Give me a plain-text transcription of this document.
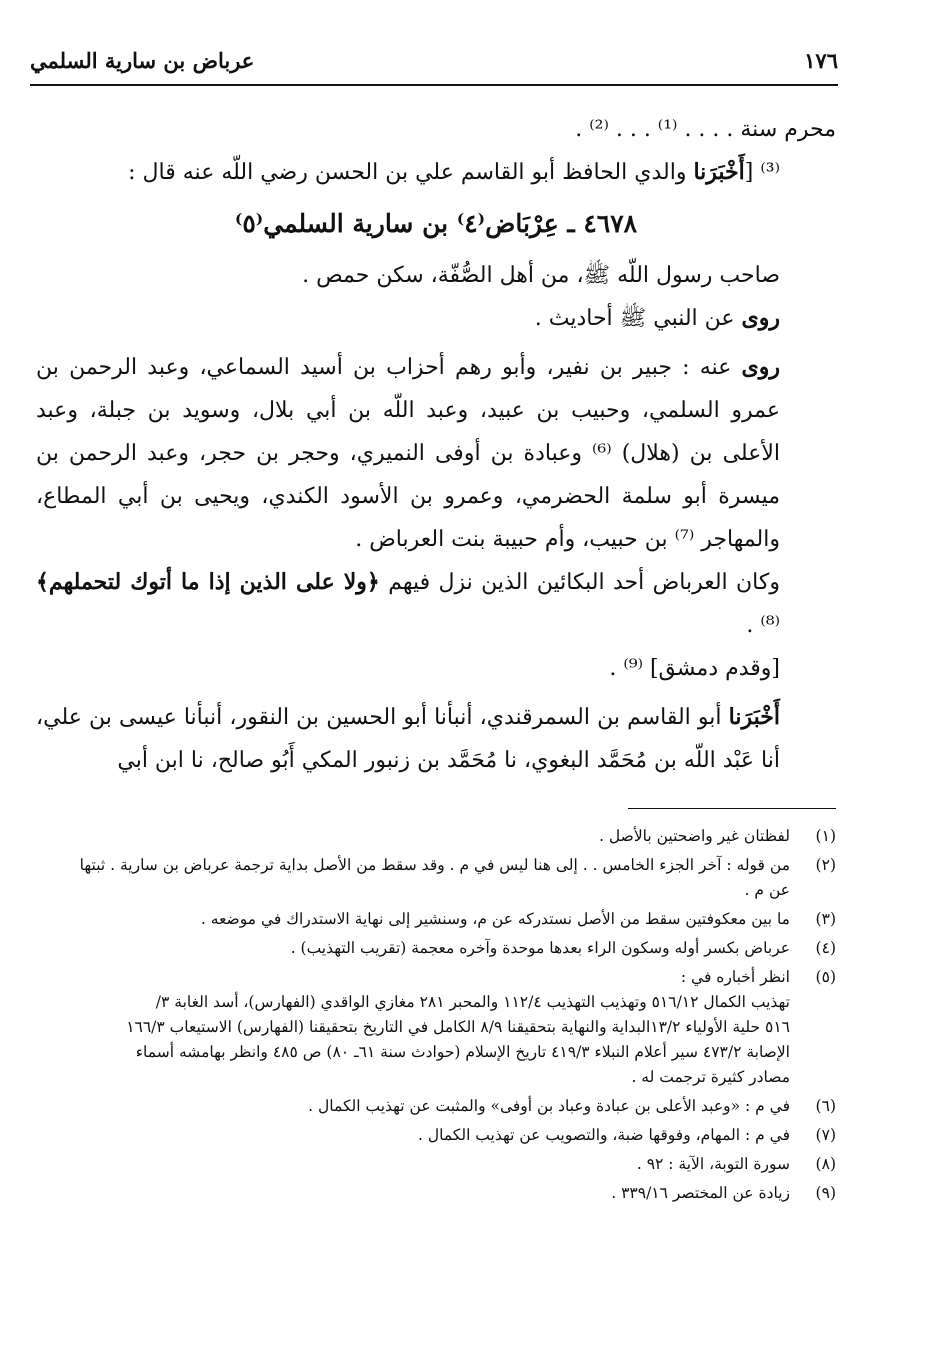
١٧٦
عرباض بن سارية السلمي

محرم سنة . . . . ⁽¹⁾ . . . ⁽²⁾ .

⁽³⁾ [أَخْبَرَنا والدي الحافظ أبو القاسم علي بن الحسن رضي اللّه عنه قال :

٤٦٧٨ ـ عِرْبَاض⁽٤⁾ بن سارية السلمي⁽٥⁾

صاحب رسول اللّه ﷺ، من أهل الصُّفّة، سكن حمص .

روى عن النبي ﷺ أحاديث .

روى عنه : جبير بن نفير، وأبو رهم أحزاب بن أسيد السماعي، وعبد الرحمن بن عمرو السلمي، وحبيب بن عبيد، وعبد اللّه بن أبي بلال، وسويد بن جبلة، وعبد الأعلى بن (هلال) ⁽⁶⁾ وعبادة بن أوفى النميري، وحجر بن حجر، وعبد الرحمن بن ميسرة أبو سلمة الحضرمي، وعمرو بن الأسود الكندي، ويحيى بن أبي المطاع، والمهاجر ⁽⁷⁾ بن حبيب، وأم حبيبة بنت العرباض .

وكان العرباض أحد البكائين الذين نزل فيهم ﴿ولا على الذين إذا ما أتوك لتحملهم﴾ ⁽⁸⁾ .

[وقدم دمشق] ⁽⁹⁾ .

أَخْبَرَنا أبو القاسم بن السمرقندي، أنبأنا أبو الحسين بن النقور، أنبأنا عيسى بن علي، أنا عَبْد اللّه بن مُحَمَّد البغوي، نا مُحَمَّد بن زنبور المكي أَبُو صالح، نا ابن أبي

(١)
لفظتان غير واضحتين بالأصل .
(٢)
من قوله : آخر الجزء الخامس . . إلى هنا ليس في م . وقد سقط من الأصل بداية ترجمة عرباض بن سارية . ثبتها
عن م .
(٣)
ما بين معكوفتين سقط من الأصل نستدركه عن م، وسنشير إلى نهاية الاستدراك في موضعه .
(٤)
عرباض بكسر أوله وسكون الراء بعدها موحدة وآخره معجمة (تقريب التهذيب) .
(٥)
انظر أخباره في :
تهذيب الكمال ٥١٦/١٢ وتهذيب التهذيب ١١٢/٤ والمحبر ٢٨١ مغازي الواقدي (الفهارس)، أسد الغابة ٣/
٥١٦ حلية الأولياء ١٣/٢البداية والنهاية بتحقيقنا ٨/٩ الكامل في التاريخ بتحقيقنا (الفهارس) الاستيعاب ١٦٦/٣
الإصابة ٤٧٣/٢ سير أعلام النبلاء ٤١٩/٣ تاريخ الإسلام (حوادث سنة ٦١ـ ٨٠) ص ٤٨٥ وانظر بهامشه أسماء
مصادر كثيرة ترجمت له .
(٦)
في م : «وعبد الأعلى بن عبادة وعباد بن أوفى» والمثبت عن تهذيب الكمال .
(٧)
في م : المهام، وفوقها ضبة، والتصويب عن تهذيب الكمال .
(٨)
سورة التوبة، الآية : ٩٢ .
(٩)
زيادة عن المختصر ٣٣٩/١٦ .
